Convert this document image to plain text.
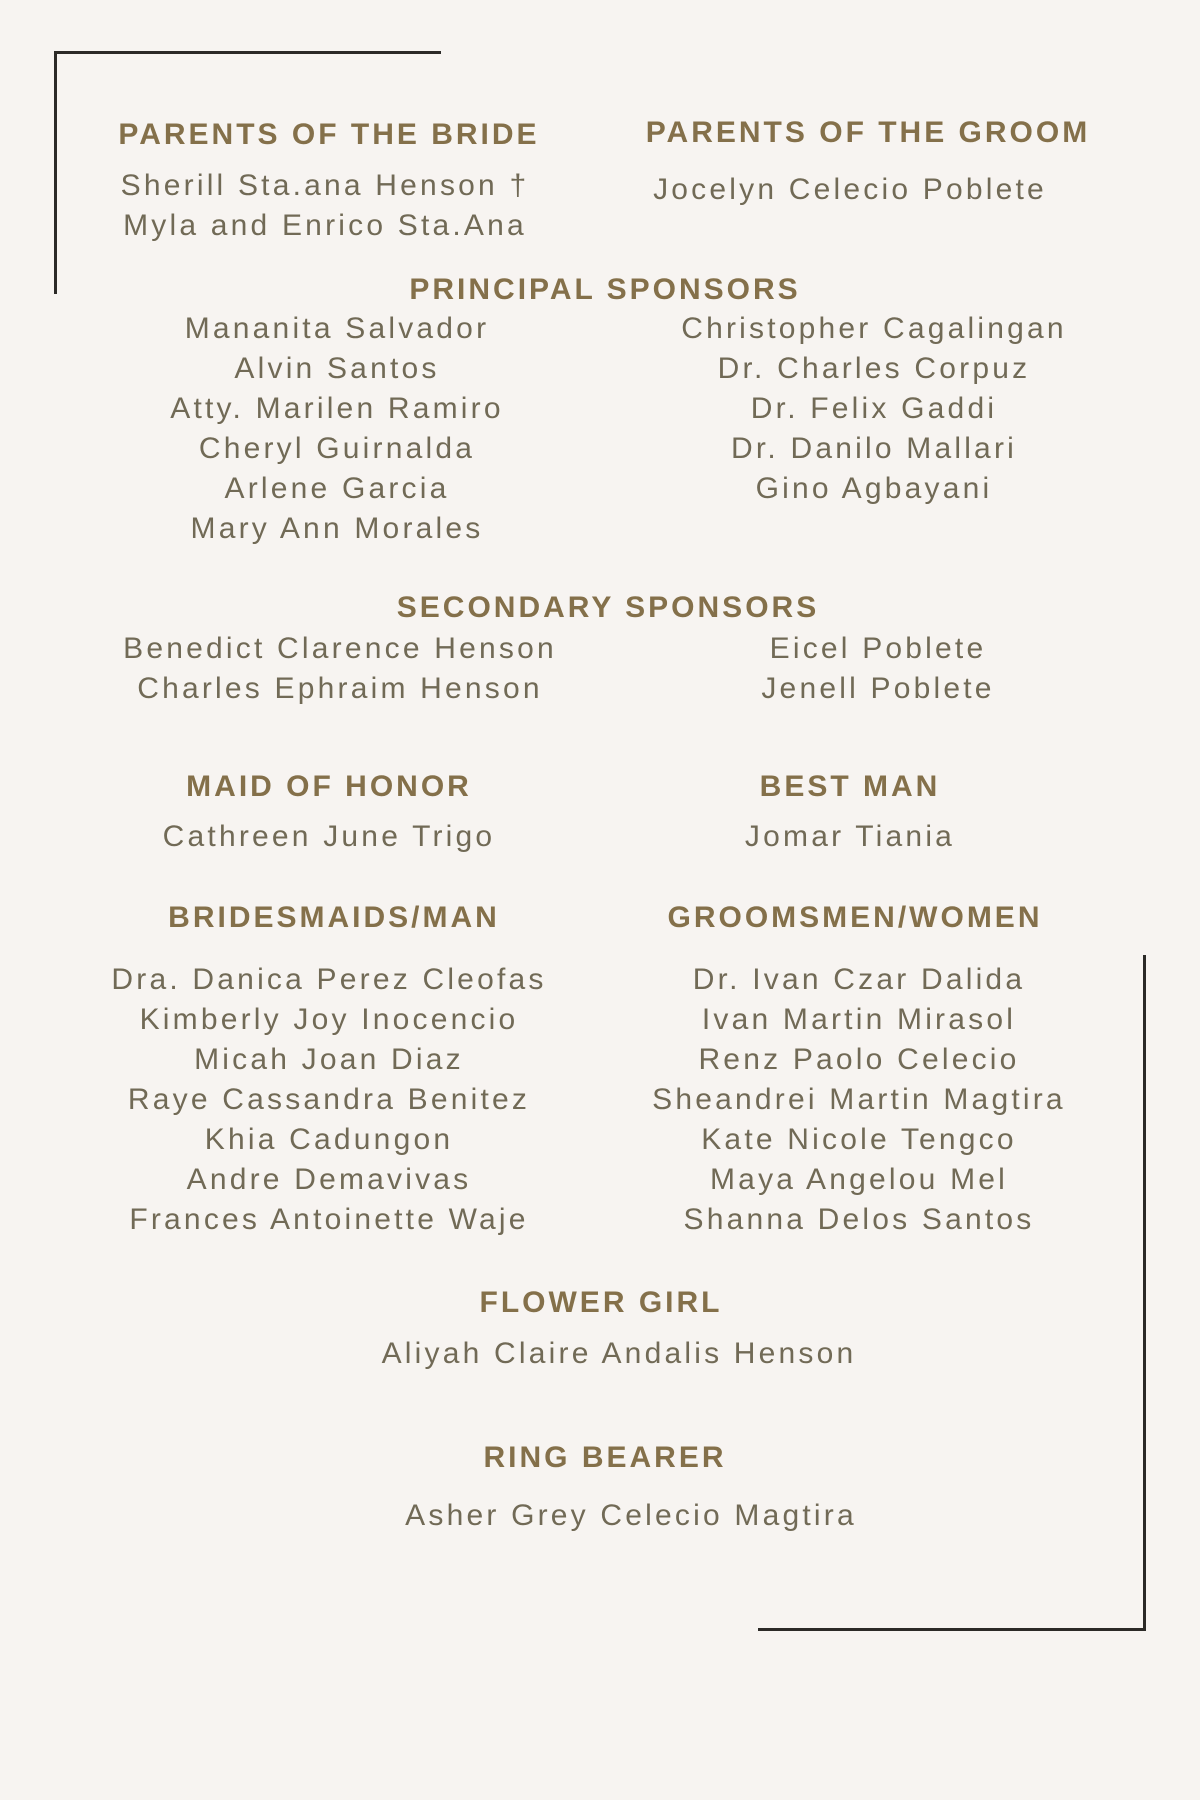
PARENTS OF THE BRIDE
Sherill Sta.ana Henson †
Myla and Enrico Sta.Ana
PARENTS OF THE GROOM
Jocelyn Celecio Poblete
PRINCIPAL SPONSORS
Mananita Salvador
Alvin Santos
Atty. Marilen Ramiro
Cheryl Guirnalda
Arlene Garcia
Mary Ann Morales
Christopher Cagalingan
Dr. Charles Corpuz
Dr. Felix Gaddi
Dr. Danilo Mallari
Gino Agbayani
SECONDARY SPONSORS
Benedict Clarence Henson
Charles Ephraim Henson
Eicel Poblete
Jenell Poblete
MAID OF HONOR

Cathreen June Trigo

BEST MAN

Jomar Tiania

BRIDESMAIDS/MAN
Dra. Danica Perez Cleofas
Kimberly Joy Inocencio
Micah Joan Diaz
Raye Cassandra Benitez
Khia Cadungon
Andre Demavivas
Frances Antoinette Waje
GROOMSMEN/WOMEN
Dr. Ivan Czar Dalida
Ivan Martin Mirasol
Renz Paolo Celecio
Sheandrei Martin Magtira
Kate Nicole Tengco
Maya Angelou Mel
Shanna Delos Santos
FLOWER GIRL

Aliyah Claire Andalis Henson

RING BEARER

Asher Grey Celecio Magtira
